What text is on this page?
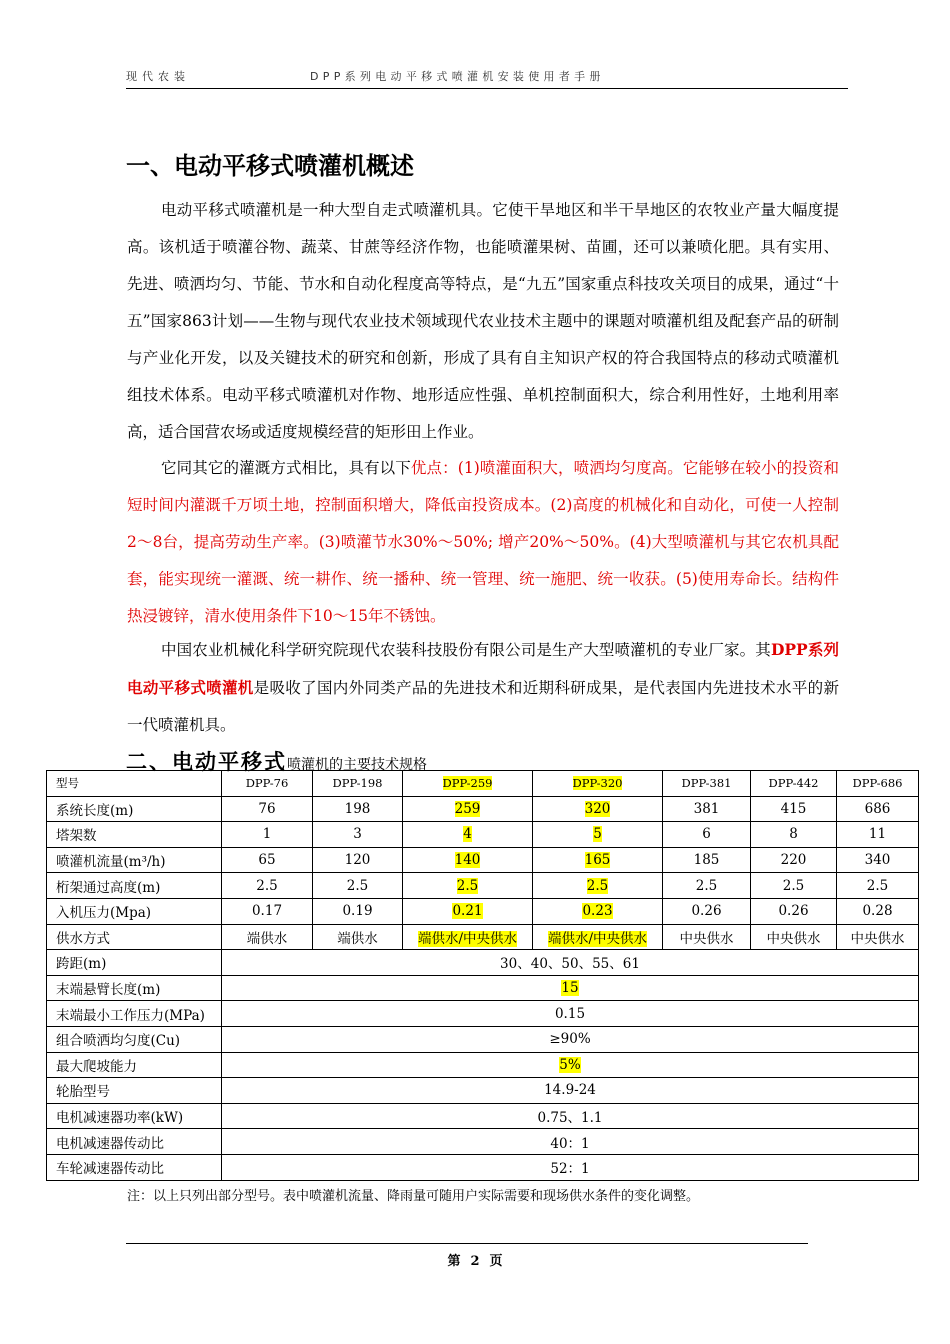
现代农装	DPP系列电动平移式喷灌机安装使用者手册
一、电动平移式喷灌机概述

电动平移式喷灌机是一种大型自走式喷灌机具。它使干旱地区和半干旱地区的农牧业产量大幅度提高。该机适于喷灌谷物、蔬菜、甘蔗等经济作物，也能喷灌果树、苗圃，还可以兼喷化肥。具有实用、先进、喷洒均匀、节能、节水和自动化程度高等特点，是“九五”国家重点科技攻关项目的成果，通过“十五”国家863计划——生物与现代农业技术领域现代农业技术主题中的课题对喷灌机组及配套产品的研制与产业化开发，以及关键技术的研究和创新，形成了具有自主知识产权的符合我国特点的移动式喷灌机组技术体系。电动平移式喷灌机对作物、地形适应性强、单机控制面积大，综合利用性好，土地利用率高，适合国营农场或适度规模经营的矩形田上作业。

它同其它的灌溉方式相比，具有以下优点：(1)喷灌面积大，喷洒均匀度高。它能够在较小的投资和短时间内灌溉千万顷土地，控制面积增大，降低亩投资成本。(2)高度的机械化和自动化，可使一人控制2～8台，提高劳动生产率。(3)喷灌节水30%～50%; 增产20%～50%。(4)大型喷灌机与其它农机具配套，能实现统一灌溉、统一耕作、统一播种、统一管理、统一施肥、统一收获。(5)使用寿命长。结构件热浸镀锌，清水使用条件下10～15年不锈蚀。

中国农业机械化科学研究院现代农装科技股份有限公司是生产大型喷灌机的专业厂家。其DPP系列电动平移式喷灌机是吸收了国内外同类产品的先进技术和近期科研成果，是代表国内先进技术水平的新一代喷灌机具。

二、电动平移式喷灌机的主要技术规格
型号	DPP-76	DPP-198	DPP-259	DPP-320	DPP-381	DPP-442	DPP-686
系统长度(m)	76	198	259	320	381	415	686
塔架数	1	3	4	5	6	8	11
喷灌机流量(m³/h)	65	120	140	165	185	220	340
桁架通过高度(m)	2.5	2.5	2.5	2.5	2.5	2.5	2.5
入机压力(Mpa)	0.17	0.19	0.21	0.23	0.26	0.26	0.28
供水方式	端供水	端供水	端供水/中央供水	端供水/中央供水	中央供水	中央供水	中央供水
跨距(m)	30、40、50、55、61						
末端悬臂长度(m)	15						
末端最小工作压力(MPa)	0.15						
组合喷洒均匀度(Cu)	≥90%						
最大爬坡能力	5%						
轮胎型号	14.9-24						
电机减速器功率(kW)	0.75、1.1						
电机减速器传动比	40：1						
车轮减速器传动比	52：1						
注：以上只列出部分型号。表中喷灌机流量、降雨量可随用户实际需要和现场供水条件的变化调整。
第 2 页
